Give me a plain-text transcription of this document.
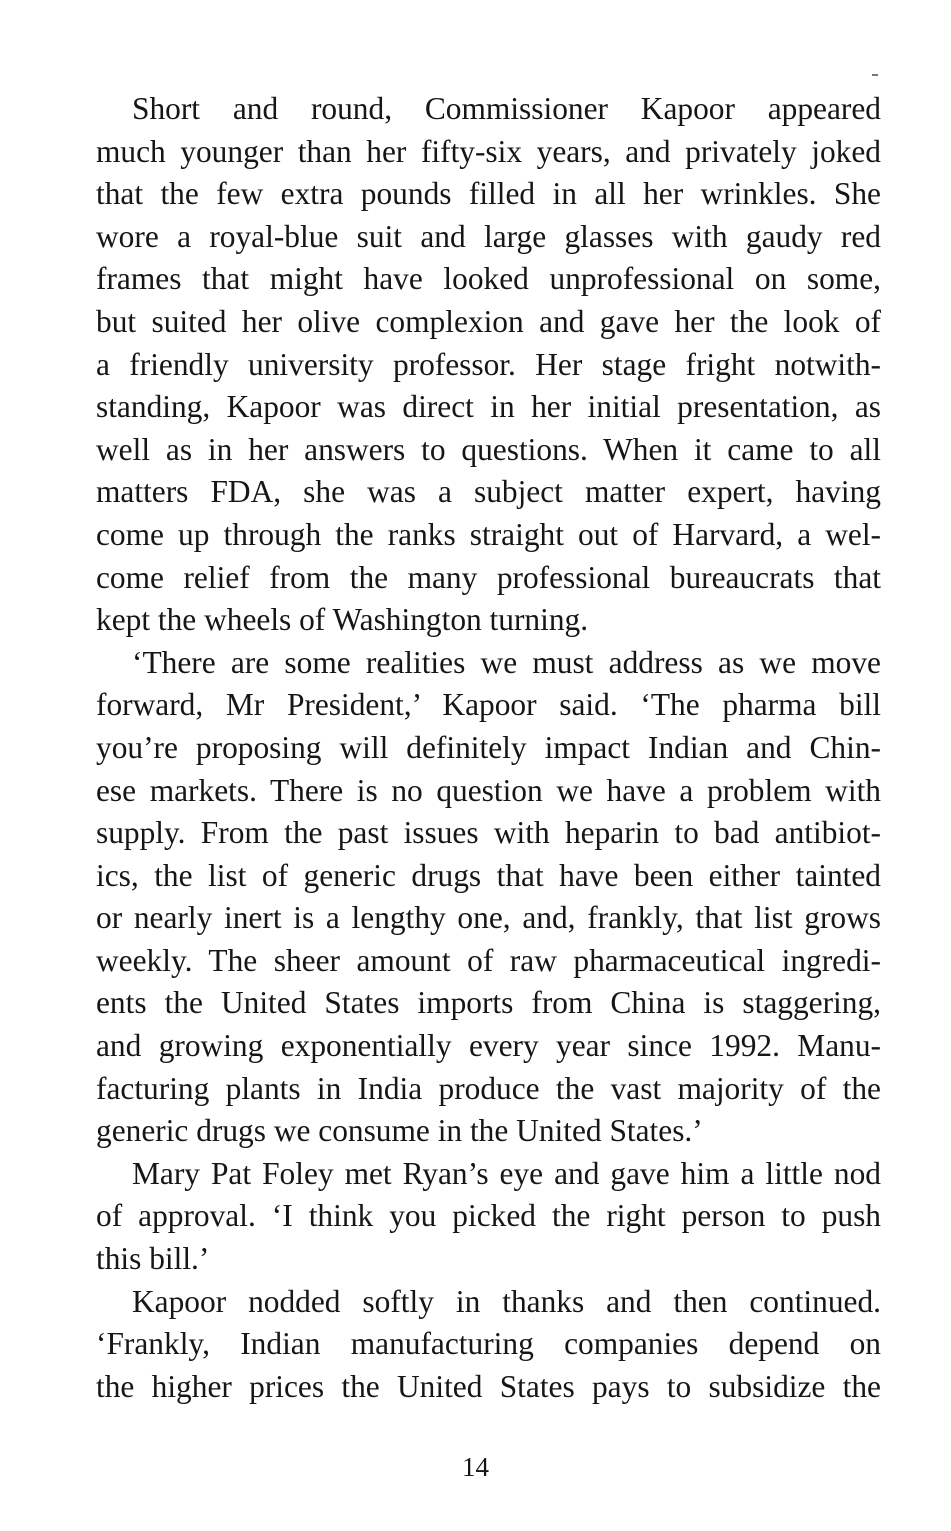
Short and round, Commissioner Kapoor appeared
much younger than her fifty-six years, and privately joked
that the few extra pounds filled in all her wrinkles. She
wore a royal-blue suit and large glasses with gaudy red
frames that might have looked unprofessional on some,
but suited her olive complexion and gave her the look of
a friendly university professor. Her stage fright notwith-
standing, Kapoor was direct in her initial presentation, as
well as in her answers to questions. When it came to all
matters FDA, she was a subject matter expert, having
come up through the ranks straight out of Harvard, a wel-
come relief from the many professional bureaucrats that
kept the wheels of Washington turning.
‘There are some realities we must address as we move
forward, Mr President,’ Kapoor said. ‘The pharma bill
you’re proposing will definitely impact Indian and Chin-
ese markets. There is no question we have a problem with
supply. From the past issues with heparin to bad antibiot-
ics, the list of generic drugs that have been either tainted
or nearly inert is a lengthy one, and, frankly, that list grows
weekly. The sheer amount of raw pharmaceutical ingredi-
ents the United States imports from China is staggering,
and growing exponentially every year since 1992. Manu-
facturing plants in India produce the vast majority of the
generic drugs we consume in the United States.’
Mary Pat Foley met Ryan’s eye and gave him a little nod
of approval. ‘I think you picked the right person to push
this bill.’
Kapoor nodded softly in thanks and then continued.
‘Frankly, Indian manufacturing companies depend on
the higher prices the United States pays to subsidize the
14
